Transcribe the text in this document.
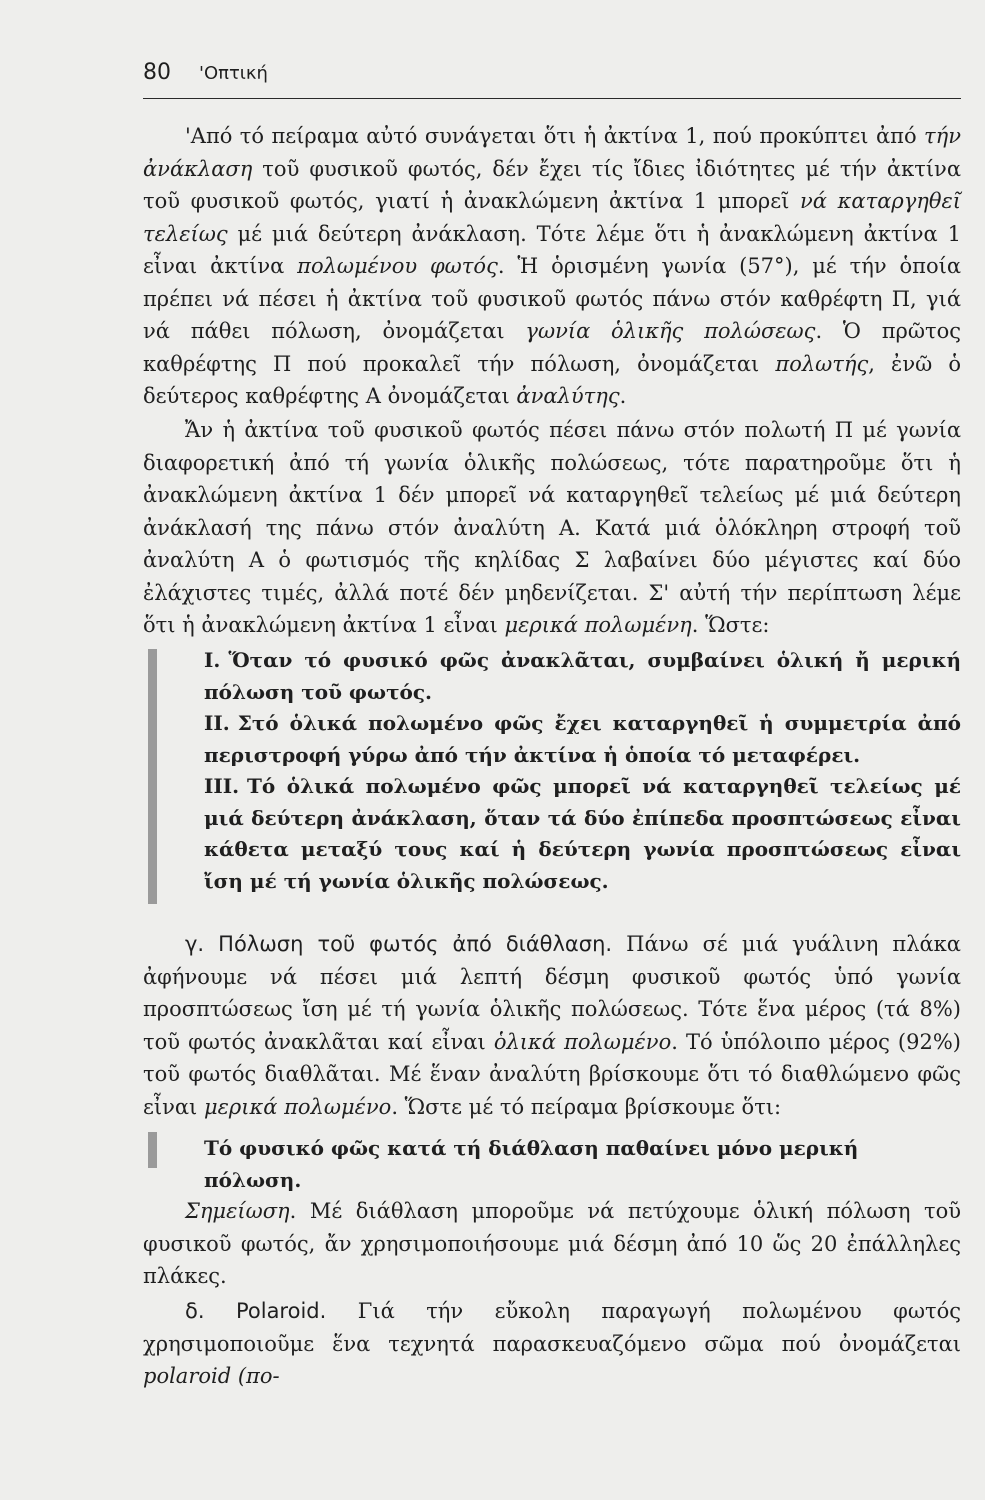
80 'Οπτική

'Από τό πείραμα αὐτό συνάγεται ὅτι ἡ ἀκτίνα 1, πού προκύπτει ἀπό τήν ἀνάκλαση τοῦ φυσικοῦ φωτός, δέν ἔχει τίς ἴδιες ἰδιότητες μέ τήν ἀκτίνα τοῦ φυσικοῦ φωτός, γιατί ἡ ἀνακλώμενη ἀκτίνα 1 μπορεῖ νά καταργηθεῖ τελείως μέ μιά δεύτερη ἀνάκλαση. Τότε λέμε ὅτι ἡ ἀνακλώμενη ἀκτίνα 1 εἶναι ἀκτίνα πολωμένου φωτός. Ἡ ὁρισμένη γωνία (57°), μέ τήν ὁποία πρέπει νά πέσει ἡ ἀκτίνα τοῦ φυσικοῦ φωτός πάνω στόν καθρέφτη Π, γιά νά πάθει πόλωση, ὀνομάζεται γωνία ὁλικῆς πολώσεως. Ὁ πρῶτος καθρέφτης Π πού προκαλεῖ τήν πόλωση, ὀνομάζεται πολωτής, ἐνῶ ὁ δεύτερος καθρέφτης Α ὀνομάζεται ἀναλύτης.

Ἄν ἡ ἀκτίνα τοῦ φυσικοῦ φωτός πέσει πάνω στόν πολωτή Π μέ γωνία διαφορετική ἀπό τή γωνία ὁλικῆς πολώσεως, τότε παρατηροῦμε ὅτι ἡ ἀνακλώμενη ἀκτίνα 1 δέν μπορεῖ νά καταργηθεῖ τελείως μέ μιά δεύτερη ἀνάκλασή της πάνω στόν ἀναλύτη Α. Κατά μιά ὁλόκληρη στροφή τοῦ ἀναλύτη Α ὁ φωτισμός τῆς κηλίδας Σ λαβαίνει δύο μέγιστες καί δύο ἐλάχιστες τιμές, ἀλλά ποτέ δέν μηδενίζεται. Σ' αὐτή τήν περίπτωση λέμε ὅτι ἡ ἀνακλώμενη ἀκτίνα 1 εἶναι μερικά πολωμένη. Ὥστε:

I. Ὅταν τό φυσικό φῶς ἀνακλᾶται, συμβαίνει ὁλική ἤ μερική πόλωση τοῦ φωτός.

II. Στό ὁλικά πολωμένο φῶς ἔχει καταργηθεῖ ἡ συμμετρία ἀπό περιστροφή γύρω ἀπό τήν ἀκτίνα ἡ ὁποία τό μεταφέρει.

III. Τό ὁλικά πολωμένο φῶς μπορεῖ νά καταργηθεῖ τελείως μέ μιά δεύτερη ἀνάκλαση, ὅταν τά δύο ἐπίπεδα προσπτώσεως εἶναι κάθετα μεταξύ τους καί ἡ δεύτερη γωνία προσπτώσεως εἶναι ἴση μέ τή γωνία ὁλικῆς πολώσεως.

γ. Πόλωση τοῦ φωτός ἀπό διάθλαση. Πάνω σέ μιά γυάλινη πλάκα ἀφήνουμε νά πέσει μιά λεπτή δέσμη φυσικοῦ φωτός ὑπό γωνία προσπτώσεως ἴση μέ τή γωνία ὁλικῆς πολώσεως. Τότε ἕνα μέρος (τά 8%) τοῦ φωτός ἀνακλᾶται καί εἶναι ὁλικά πολωμένο. Τό ὑπόλοιπο μέρος (92%) τοῦ φωτός διαθλᾶται. Μέ ἕναν ἀναλύτη βρίσκουμε ὅτι τό διαθλώμενο φῶς εἶναι μερικά πολωμένο. Ὥστε μέ τό πείραμα βρίσκουμε ὅτι:

Τό φυσικό φῶς κατά τή διάθλαση παθαίνει μόνο μερική πόλωση.

Σημείωση. Μέ διάθλαση μποροῦμε νά πετύχουμε ὁλική πόλωση τοῦ φυσικοῦ φωτός, ἄν χρησιμοποιήσουμε μιά δέσμη ἀπό 10 ὥς 20 ἐπάλληλες πλάκες.

δ. Polaroid. Γιά τήν εὔκολη παραγωγή πολωμένου φωτός χρησιμοποιοῦμε ἕνα τεχνητά παρασκευαζόμενο σῶμα πού ὀνομάζεται polaroid (πο-
